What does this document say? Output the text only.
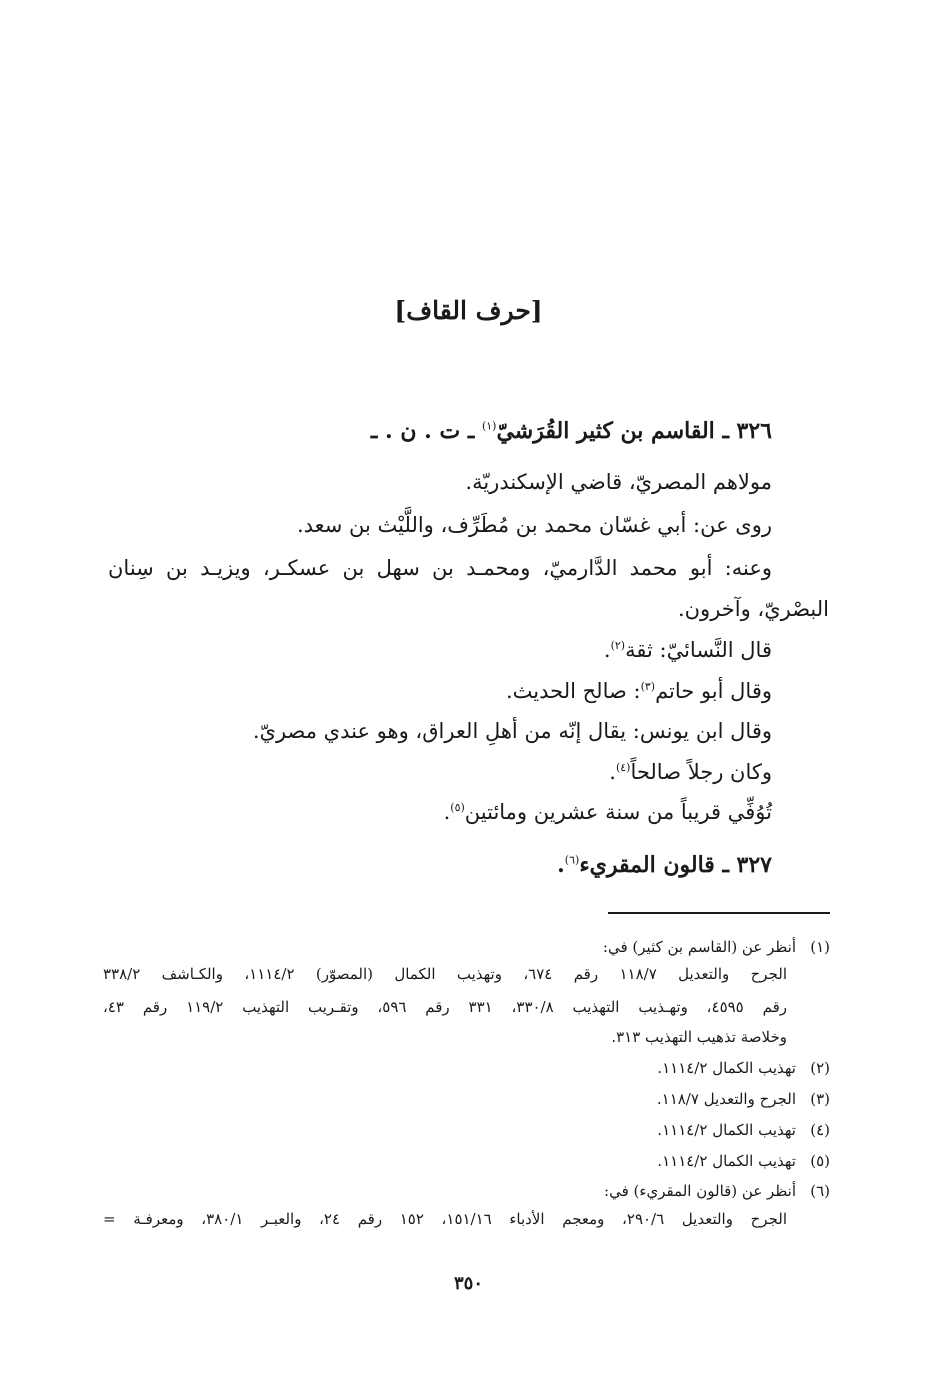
[حرف القاف]
٣٢٦ ـ القاسم بن كثير القُرَشيّ$^{(١)}$ ـ ت . ن . ـ
مولاهم المصريّ، قاضي الإسكندريّة.
روى عن: أبي غسّان محمد بن مُطَرِّف، واللَّيْث بن سعد.
وعنه: أبو محمد الدَّارميّ، ومحمـد بن سهل بن عسكـر، ويزيـد بن سِنان
البصْريّ، وآخرون.
قال النَّسائيّ: ثقة$^{(٢)}$.
وقال أبو حاتم$^{(٣)}$: صالح الحديث.
وقال ابن يونس: يقال إنّه من أهلِ العراق، وهو عندي مصريّ.
وكان رجلاً صالحاً$^{(٤)}$.
تُوُفِّي قريباً من سنة عشرين ومائتين$^{(٥)}$.
٣٢٧ ـ قالون المقريء$^{(٦)}$.
(١)أنظر عن (القاسم بن كثير) في:
الجرح والتعديل ١١٨/٧ رقم ٦٧٤، وتهذيب الكمال (المصوّر) ١١١٤/٢، والكـاشف ٣٣٨/٢
رقم ٤٥٩٥، وتهـذيب التهذيب ٣٣٠/٨، ٣٣١ رقم ٥٩٦، وتقـريب التهذيب ١١٩/٢ رقم ٤٣،
وخلاصة تذهيب التهذيب ٣١٣.
(٢)تهذيب الكمال ١١١٤/٢.
(٣)الجرح والتعديل ١١٨/٧.
(٤)تهذيب الكمال ١١١٤/٢.
(٥)تهذيب الكمال ١١١٤/٢.
(٦)أنظر عن (قالون المقريء) في:
الجرح والتعديل ٢٩٠/٦، ومعجم الأدباء ١٥١/١٦، ١٥٢ رقم ٢٤، والعبـر ٣٨٠/١، ومعرفـة =
٣٥٠
